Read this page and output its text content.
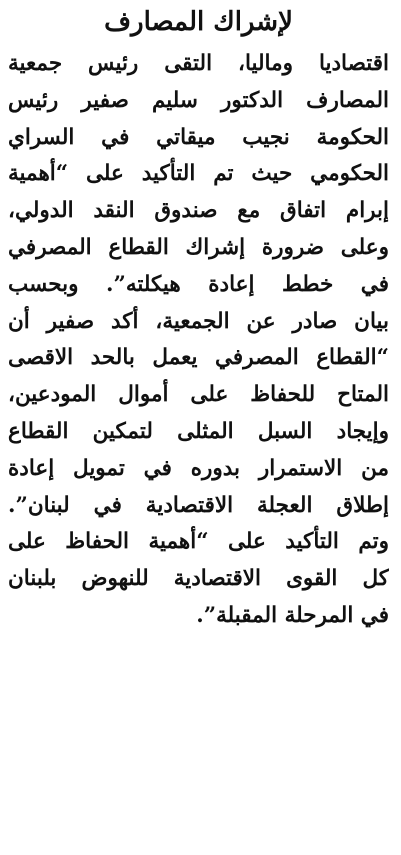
لإشراك المصارف
اقتصاديا وماليا، التقى رئيس جمعية
المصارف الدكتور سليم صفير رئيس
الحكومة نجيب ميقاتي في السراي
الحكومي حيث تم التأكيد على “أهمية
إبرام اتفاق مع صندوق النقد الدولي،
وعلى ضرورة إشراك القطاع المصرفي
في خطط إعادة هيكلته”. وبحسب
بيان صادر عن الجمعية، أكد صفير أن
“القطاع المصرفي يعمل بالحد الاقصى
المتاح للحفاظ على أموال المودعين،
وإيجاد السبل المثلى لتمكين القطاع
من الاستمرار بدوره في تمويل إعادة
إطلاق العجلة الاقتصادية في لبنان”.
وتم التأكيد على “أهمية الحفاظ على
كل القوى الاقتصادية للنهوض بلبنان
في المرحلة المقبلة”.
